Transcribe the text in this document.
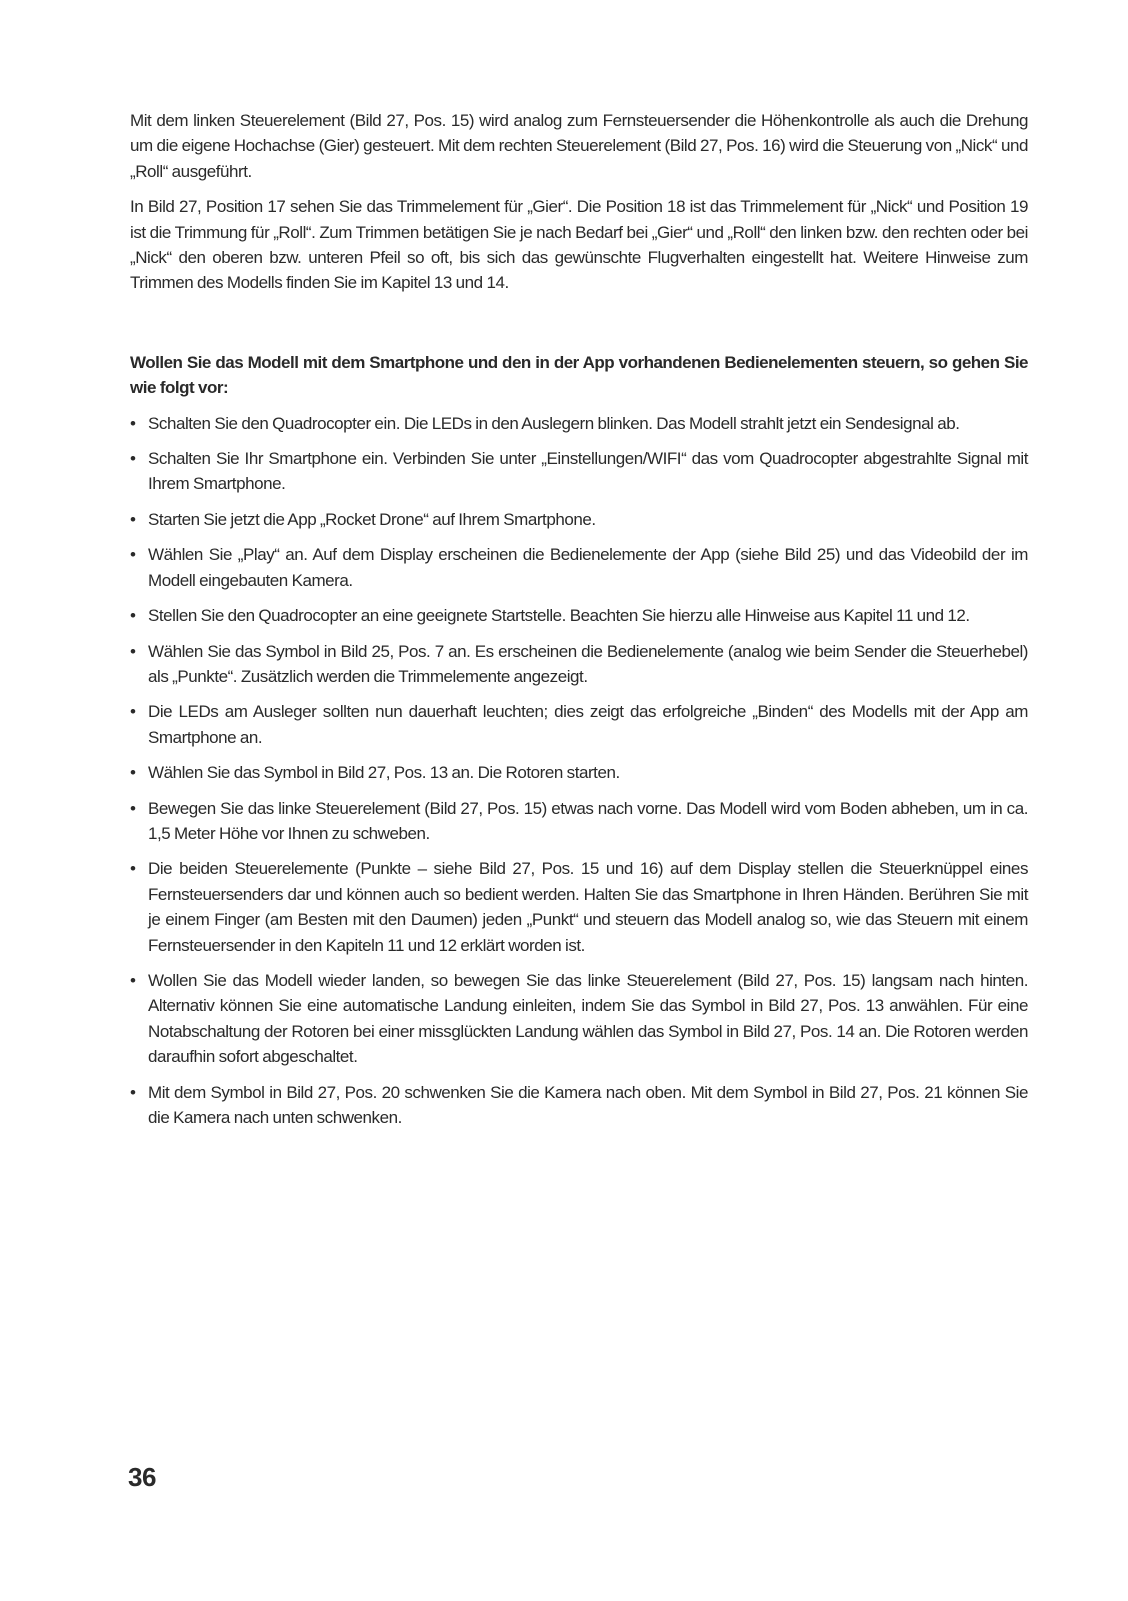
Mit dem linken Steuerelement (Bild 27, Pos. 15) wird analog zum Fernsteuersender die Höhenkontrolle als auch die Drehung um die eigene Hochachse (Gier) gesteuert. Mit dem rechten Steuerelement (Bild 27, Pos. 16) wird die Steuerung von „Nick“ und „Roll“ ausgeführt.

In Bild 27, Position 17 sehen Sie das Trimmelement für „Gier“. Die Position 18 ist das Trimmelement für „Nick“ und Position 19 ist die Trimmung für „Roll“. Zum Trimmen betätigen Sie je nach Bedarf bei „Gier“ und „Roll“ den linken bzw. den rechten oder bei „Nick“ den oberen bzw. unteren Pfeil so oft, bis sich das gewünschte Flugverhalten eingestellt hat. Weitere Hinweise zum Trimmen des Modells finden Sie im Kapitel 13 und 14.

Wollen Sie das Modell mit dem Smartphone und den in der App vorhandenen Bedienelementen steuern, so gehen Sie wie folgt vor:

• Schalten Sie den Quadrocopter ein. Die LEDs in den Auslegern blinken. Das Modell strahlt jetzt ein Sendesignal ab.
• Schalten Sie Ihr Smartphone ein. Verbinden Sie unter „Einstellungen/WIFI“ das vom Quadrocopter abgestrahlte Signal mit Ihrem Smartphone.
• Starten Sie jetzt die App „Rocket Drone“ auf Ihrem Smartphone.
• Wählen Sie „Play“ an. Auf dem Display erscheinen die Bedienelemente der App (siehe Bild 25) und das Videobild der im Modell eingebauten Kamera.
• Stellen Sie den Quadrocopter an eine geeignete Startstelle. Beachten Sie hierzu alle Hinweise aus Kapitel 11 und 12.
• Wählen Sie das Symbol in Bild 25, Pos. 7 an. Es erscheinen die Bedienelemente (analog wie beim Sender die Steuerhebel) als „Punkte“. Zusätzlich werden die Trimmelemente angezeigt.
• Die LEDs am Ausleger sollten nun dauerhaft leuchten; dies zeigt das erfolgreiche „Binden“ des Modells mit der App am Smartphone an.
• Wählen Sie das Symbol in Bild 27, Pos. 13 an. Die Rotoren starten.
• Bewegen Sie das linke Steuerelement (Bild 27, Pos. 15) etwas nach vorne. Das Modell wird vom Boden abheben, um in ca. 1,5 Meter Höhe vor Ihnen zu schweben.
• Die beiden Steuerelemente (Punkte – siehe Bild 27, Pos. 15 und 16) auf dem Display stellen die Steuerknüppel eines Fernsteuersenders dar und können auch so bedient werden. Halten Sie das Smartphone in Ihren Händen. Berühren Sie mit je einem Finger (am Besten mit den Daumen) jeden „Punkt“ und steuern das Modell analog so, wie das Steuern mit einem Fernsteuersender in den Kapiteln 11 und 12 erklärt worden ist.
• Wollen Sie das Modell wieder landen, so bewegen Sie das linke Steuerelement (Bild 27, Pos. 15) langsam nach hinten. Alternativ können Sie eine automatische Landung einleiten, indem Sie das Symbol in Bild 27, Pos. 13 anwählen. Für eine Notabschaltung der Rotoren bei einer missglückten Landung wählen das Symbol in Bild 27, Pos. 14 an. Die Rotoren werden daraufhin sofort abgeschaltet.
• Mit dem Symbol in Bild 27, Pos. 20 schwenken Sie die Kamera nach oben. Mit dem Symbol in Bild 27, Pos. 21 können Sie die Kamera nach unten schwenken.
36
